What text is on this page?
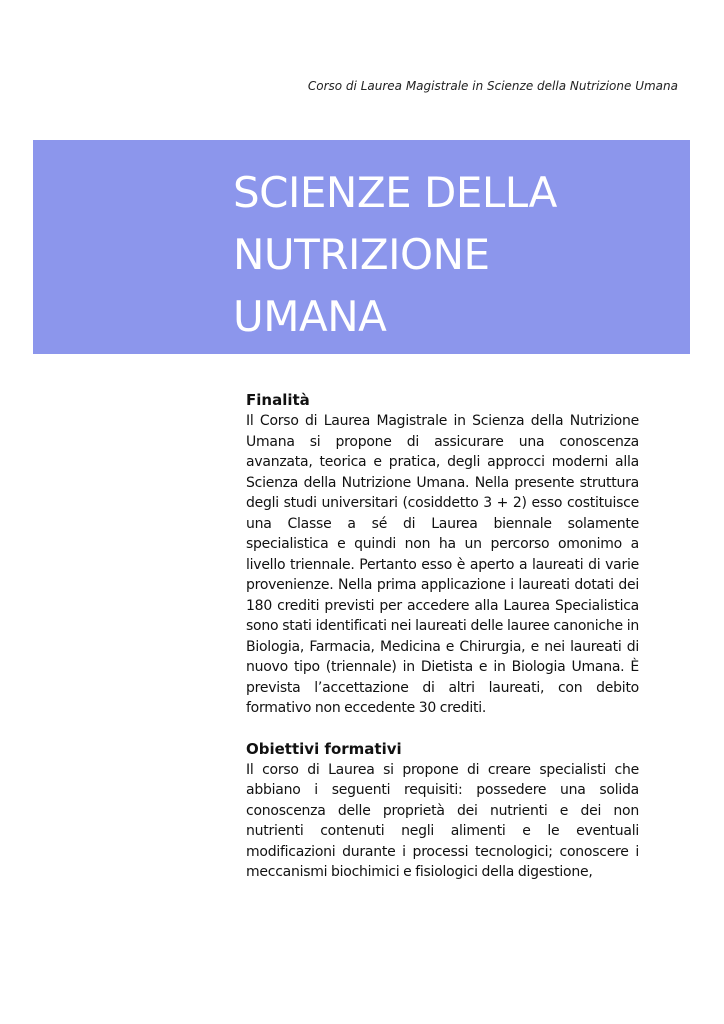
Corso di Laurea Magistrale in Scienze della Nutrizione Umana
SCIENZE DELLA
NUTRIZIONE
UMANA
Finalità

Il Corso di Laurea Magistrale in Scienza della Nutrizione Umana si propone di assicurare una conoscenza avanzata, teorica e pratica, degli approcci moderni alla Scienza della Nutrizione Umana. Nella presente struttura degli studi universitari (cosiddetto 3 + 2) esso costituisce una Classe a sé di Laurea biennale solamente specialistica e quindi non ha un percorso omonimo a livello triennale. Pertanto esso è aperto a laureati di varie provenienze. Nella prima applicazione i laureati dotati dei 180 crediti previsti per accedere alla Laurea Specialistica sono stati identificati nei laureati delle lauree canoniche in Biologia, Farmacia, Medicina e Chirurgia, e nei laureati di nuovo tipo (triennale) in Dietista e in Biologia Umana. È prevista l’accettazione di altri laureati, con debito formativo non eccedente 30 crediti.

Obiettivi formativi

Il corso di Laurea si propone di creare specialisti che abbiano i seguenti requisiti: possedere una solida conoscenza delle proprietà dei nutrienti e dei non nutrienti contenuti negli alimenti e le eventuali modificazioni durante i processi tecnologici; conoscere i meccanismi biochimici e fisiologici della digestione,
